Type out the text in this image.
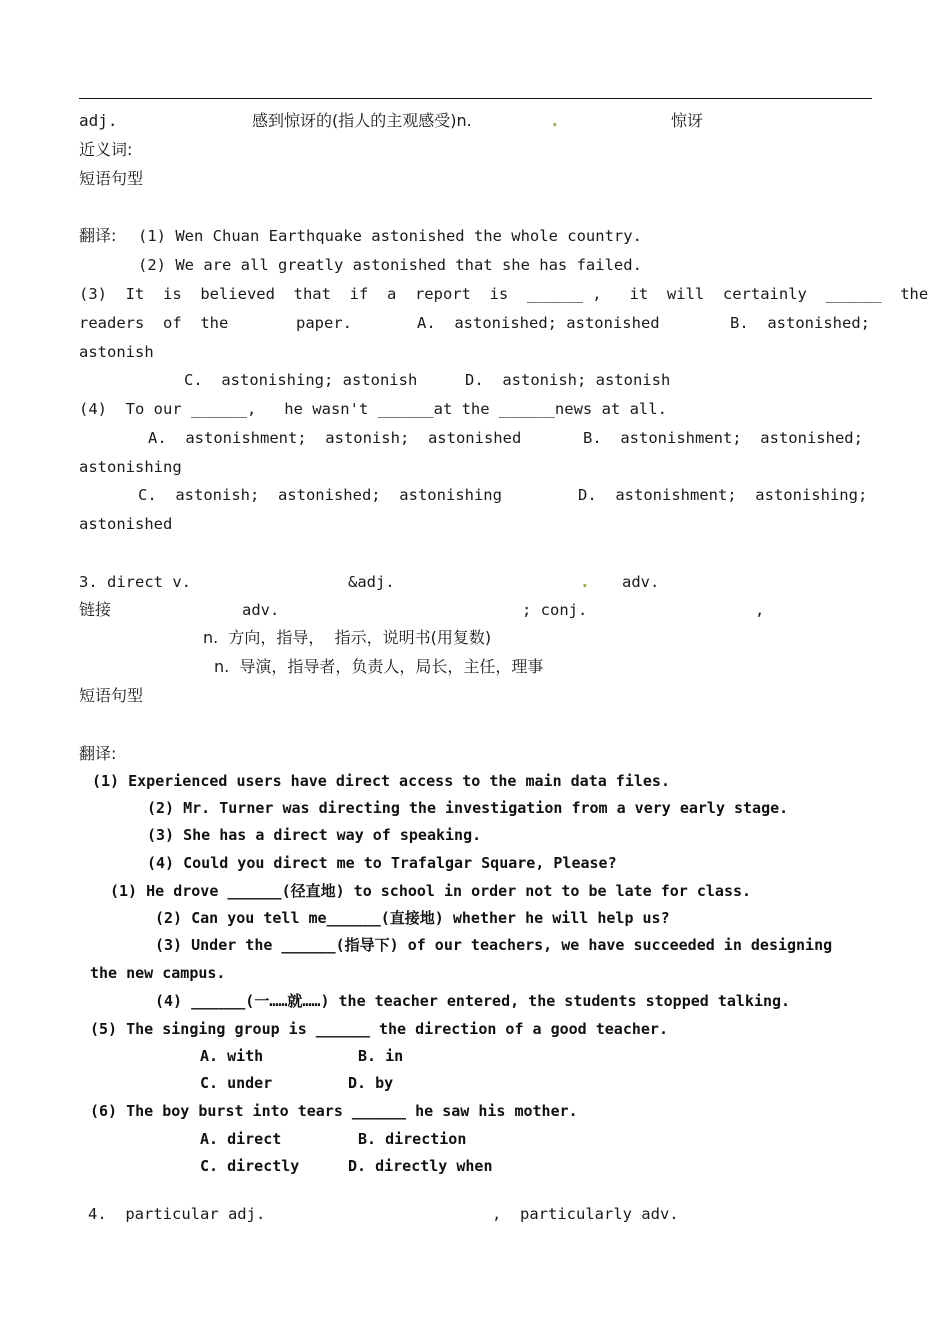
adj.	感到惊讶的(指人的主观感受)n.	.	惊讶
近义词:
短语句型
翻译: (1) Wen Chuan Earthquake astonished the whole country.
(2) We are all greatly astonished that she has failed.
(3)  It  is  believed  that  if  a  report  is  ______ ,   it  will  certainly  ______  the
readers  of  the	paper.	A.  astonished; astonished	B.  astonished;
astonish
C.  astonishing; astonish	D.  astonish; astonish
(4)  To our ______,   he wasn't ______at the ______news at all.
A.  astonishment;  astonish;  astonished	B.  astonishment;  astonished;
astonishing
C.  astonish;  astonished;  astonishing	D.  astonishment;  astonishing;
astonished
3. direct v.	&adj.	. adv.
链接	adv.	; conj.	,
n.  方向，指导，  指示，说明书(用复数)
n.  导演，指导者，负责人，局长，主任，理事
短语句型
翻译:
(1) Experienced users have direct access to the main data files.
(2) Mr. Turner was directing the investigation from a very early stage.
(3) She has a direct way of speaking.
(4) Could you direct me to Trafalgar Square, Please?
(1) He drove ______(径直地) to school in order not to be late for class.
(2) Can you tell me______(直接地) whether he will help us?
(3) Under the ______(指导下) of our teachers, we have succeeded in designing
the new campus.
(4) ______(一……就……) the teacher entered, the students stopped talking.
(5) The singing group is ______ the direction of a good teacher.
A. with	B. in
C. under	D. by
(6) The boy burst into tears ______ he saw his mother.
A. direct	B. direction
C. directly	D. directly when
4.  particular adj.	,  particularly adv.
